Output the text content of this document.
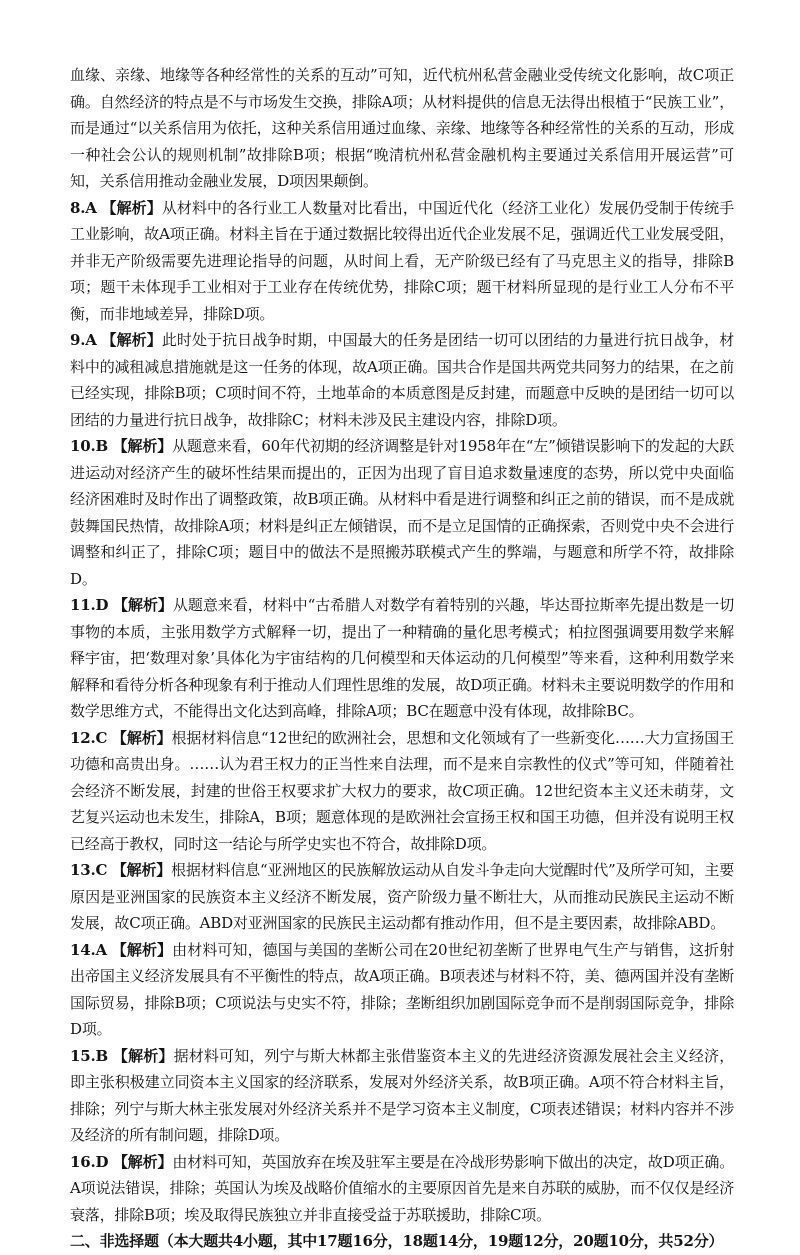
血缘、亲缘、地缘等各种经常性的关系的互动”可知，近代杭州私营金融业受传统文化影响，故C项正确。自然经济的特点是不与市场发生交换，排除A项；从材料提供的信息无法得出根植于“民族工业”，而是通过“以关系信用为依托，这种关系信用通过血缘、亲缘、地缘等各种经常性的关系的互动，形成一种社会公认的规则机制”故排除B项；根据“晚清杭州私营金融机构主要通过关系信用开展运营”可知，关系信用推动金融业发展，D项因果颠倒。

8.A 【解析】从材料中的各行业工人数量对比看出，中国近代化（经济工业化）发展仍受制于传统手工业影响，故A项正确。材料主旨在于通过数据比较得出近代企业发展不足，强调近代工业发展受阻，并非无产阶级需要先进理论指导的问题，从时间上看，无产阶级已经有了马克思主义的指导，排除B项；题干未体现手工业相对于工业存在传统优势，排除C项；题干材料所显现的是行业工人分布不平衡，而非地域差异，排除D项。

9.A 【解析】此时处于抗日战争时期，中国最大的任务是团结一切可以团结的力量进行抗日战争，材料中的减租减息措施就是这一任务的体现，故A项正确。国共合作是国共两党共同努力的结果，在之前已经实现，排除B项；C项时间不符，土地革命的本质意图是反封建，而题意中反映的是团结一切可以团结的力量进行抗日战争，故排除C；材料未涉及民主建设内容，排除D项。

10.B 【解析】从题意来看，60年代初期的经济调整是针对1958年在“左”倾错误影响下的发起的大跃进运动对经济产生的破坏性结果而提出的，正因为出现了盲目追求数量速度的态势，所以党中央面临经济困难时及时作出了调整政策，故B项正确。从材料中看是进行调整和纠正之前的错误，而不是成就鼓舞国民热情，故排除A项；材料是纠正左倾错误，而不是立足国情的正确探索，否则党中央不会进行调整和纠正了，排除C项；题目中的做法不是照搬苏联模式产生的弊端，与题意和所学不符，故排除D。

11.D 【解析】从题意来看，材料中“古希腊人对数学有着特别的兴趣，毕达哥拉斯率先提出数是一切事物的本质，主张用数学方式解释一切，提出了一种精确的量化思考模式；柏拉图强调要用数学来解释宇宙，把‘数理对象’具体化为宇宙结构的几何模型和天体运动的几何模型”等来看，这种利用数学来解释和看待分析各种现象有利于推动人们理性思维的发展，故D项正确。材料未主要说明数学的作用和数学思维方式，不能得出文化达到高峰，排除A项；BC在题意中没有体现，故排除BC。

12.C 【解析】根据材料信息“12世纪的欧洲社会，思想和文化领域有了一些新变化……大力宣扬国王功德和高贵出身。……认为君王权力的正当性来自法理，而不是来自宗教性的仪式”等可知，伴随着社会经济不断发展，封建的世俗王权要求扩大权力的要求，故C项正确。12世纪资本主义还未萌芽，文艺复兴运动也未发生，排除A，B项；题意体现的是欧洲社会宣扬王权和国王功德，但并没有说明王权已经高于教权，同时这一结论与所学史实也不符合，故排除D项。

13.C 【解析】根据材料信息“亚洲地区的民族解放运动从自发斗争走向大觉醒时代”及所学可知，主要原因是亚洲国家的民族资本主义经济不断发展，资产阶级力量不断壮大，从而推动民族民主运动不断发展，故C项正确。ABD对亚洲国家的民族民主运动都有推动作用，但不是主要因素，故排除ABD。

14.A 【解析】由材料可知，德国与美国的垄断公司在20世纪初垄断了世界电气生产与销售，这折射出帝国主义经济发展具有不平衡性的特点，故A项正确。B项表述与材料不符，美、德两国并没有垄断国际贸易，排除B项；C项说法与史实不符，排除；垄断组织加剧国际竞争而不是削弱国际竞争，排除D项。

15.B 【解析】据材料可知，列宁与斯大林都主张借鉴资本主义的先进经济资源发展社会主义经济，即主张积极建立同资本主义国家的经济联系，发展对外经济关系，故B项正确。A项不符合材料主旨，排除；列宁与斯大林主张发展对外经济关系并不是学习资本主义制度，C项表述错误；材料内容并不涉及经济的所有制问题，排除D项。

16.D 【解析】由材料可知，英国放弃在埃及驻军主要是在冷战形势影响下做出的决定，故D项正确。A项说法错误，排除；英国认为埃及战略价值缩水的主要原因首先是来自苏联的威胁，而不仅仅是经济衰落，排除B项；埃及取得民族独立并非直接受益于苏联援助，排除C项。

二、非选择题（本大题共4小题，其中17题16分，18题14分，19题12分，20题10分，共52分）
